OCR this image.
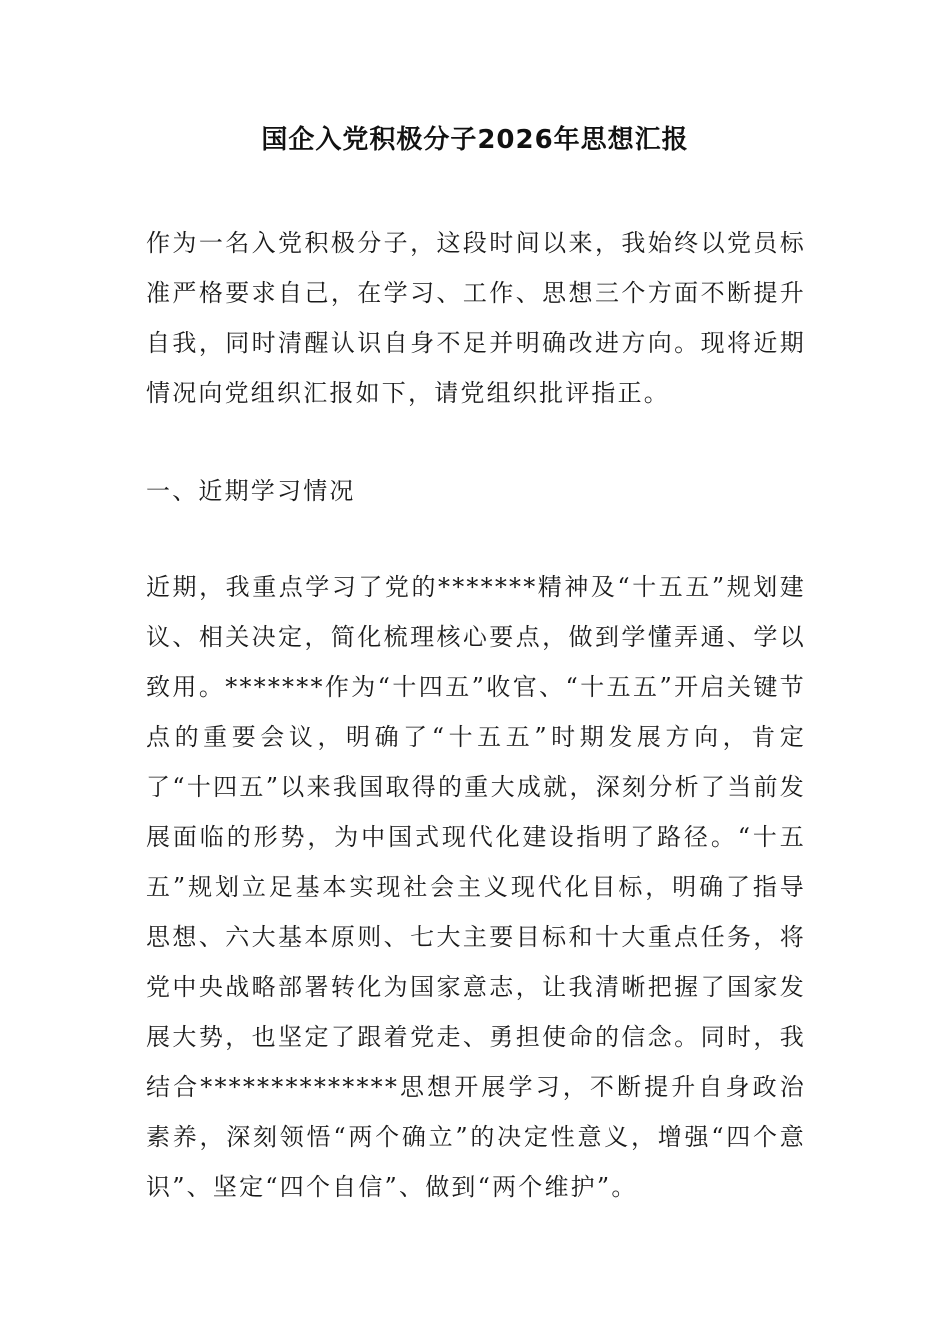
国企入党积极分子2026年思想汇报

作为一名入党积极分子，这段时间以来，我始终以党员标准严格要求自己，在学习、工作、思想三个方面不断提升自我，同时清醒认识自身不足并明确改进方向。现将近期情况向党组织汇报如下，请党组织批评指正。

一、近期学习情况

近期，我重点学习了党的*******精神及“十五五”规划建议、相关决定，简化梳理核心要点，做到学懂弄通、学以致用。*******作为“十四五”收官、“十五五”开启关键节点的重要会议，明确了“十五五”时期发展方向，肯定了“十四五”以来我国取得的重大成就，深刻分析了当前发展面临的形势，为中国式现代化建设指明了路径。“十五五”规划立足基本实现社会主义现代化目标，明确了指导思想、六大基本原则、七大主要目标和十大重点任务，将党中央战略部署转化为国家意志，让我清晰把握了国家发展大势，也坚定了跟着党走、勇担使命的信念。同时，我结合**************思想开展学习，不断提升自身政治素养，深刻领悟“两个确立”的决定性意义，增强“四个意识”、坚定“四个自信”、做到“两个维护”。
